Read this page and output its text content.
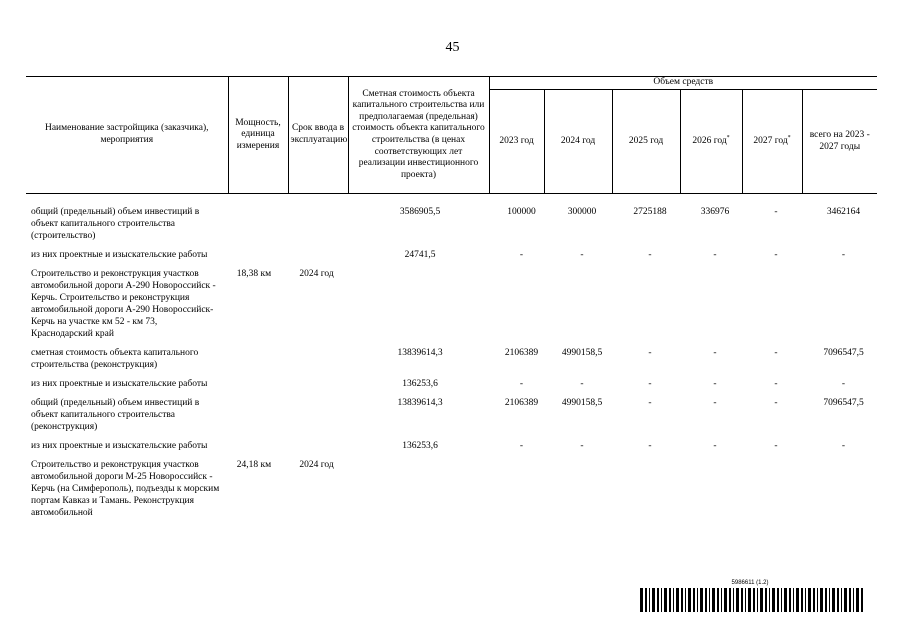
45
Наименование застройщика (заказчика), мероприятия	Мощность, единица измерения	Срок ввода в эксплуатацию	Сметная стоимость объекта капитального строительства или предполагаемая (предельная) стоимость объекта капитального строительства (в ценах соответствующих лет реализации инвестиционного проекта)	Объем средств					
				2023 год	2024 год	2025 год	2026 год*	2027 год*	всего на 2023 - 2027 годы
общий (предельный) объем инвестиций в объект капитального строительства (строительство)			3586905,5	100000	300000	2725188	336976	-	3462164

из них проектные и изыскательские работы			24741,5	-	-	-	-	-	-

Строительство и реконструкция участков автомобильной дороги А-290 Новороссийск - Керчь. Строительство и реконструкция автомобильной дороги А-290 Новороссийск-Керчь на участке км 52 - км 73, Краснодарский край	18,38 км	2024 год							

сметная стоимость объекта капитального строительства (реконструкция)			13839614,3	2106389	4990158,5	-	-	-	7096547,5

из них проектные и изыскательские работы			136253,6	-	-	-	-	-	-

общий (предельный) объем инвестиций в объект капитального строительства (реконструкция)			13839614,3	2106389	4990158,5	-	-	-	7096547,5

из них проектные и изыскательские работы			136253,6	-	-	-	-	-	-

Строительство и реконструкция участков автомобильной дороги М-25 Новороссийск - Керчь (на Симферополь), подъезды к морским портам Кавказ и Тамань. Реконструкция автомобильной	24,18 км	2024 год							

5986611 (1.2)
